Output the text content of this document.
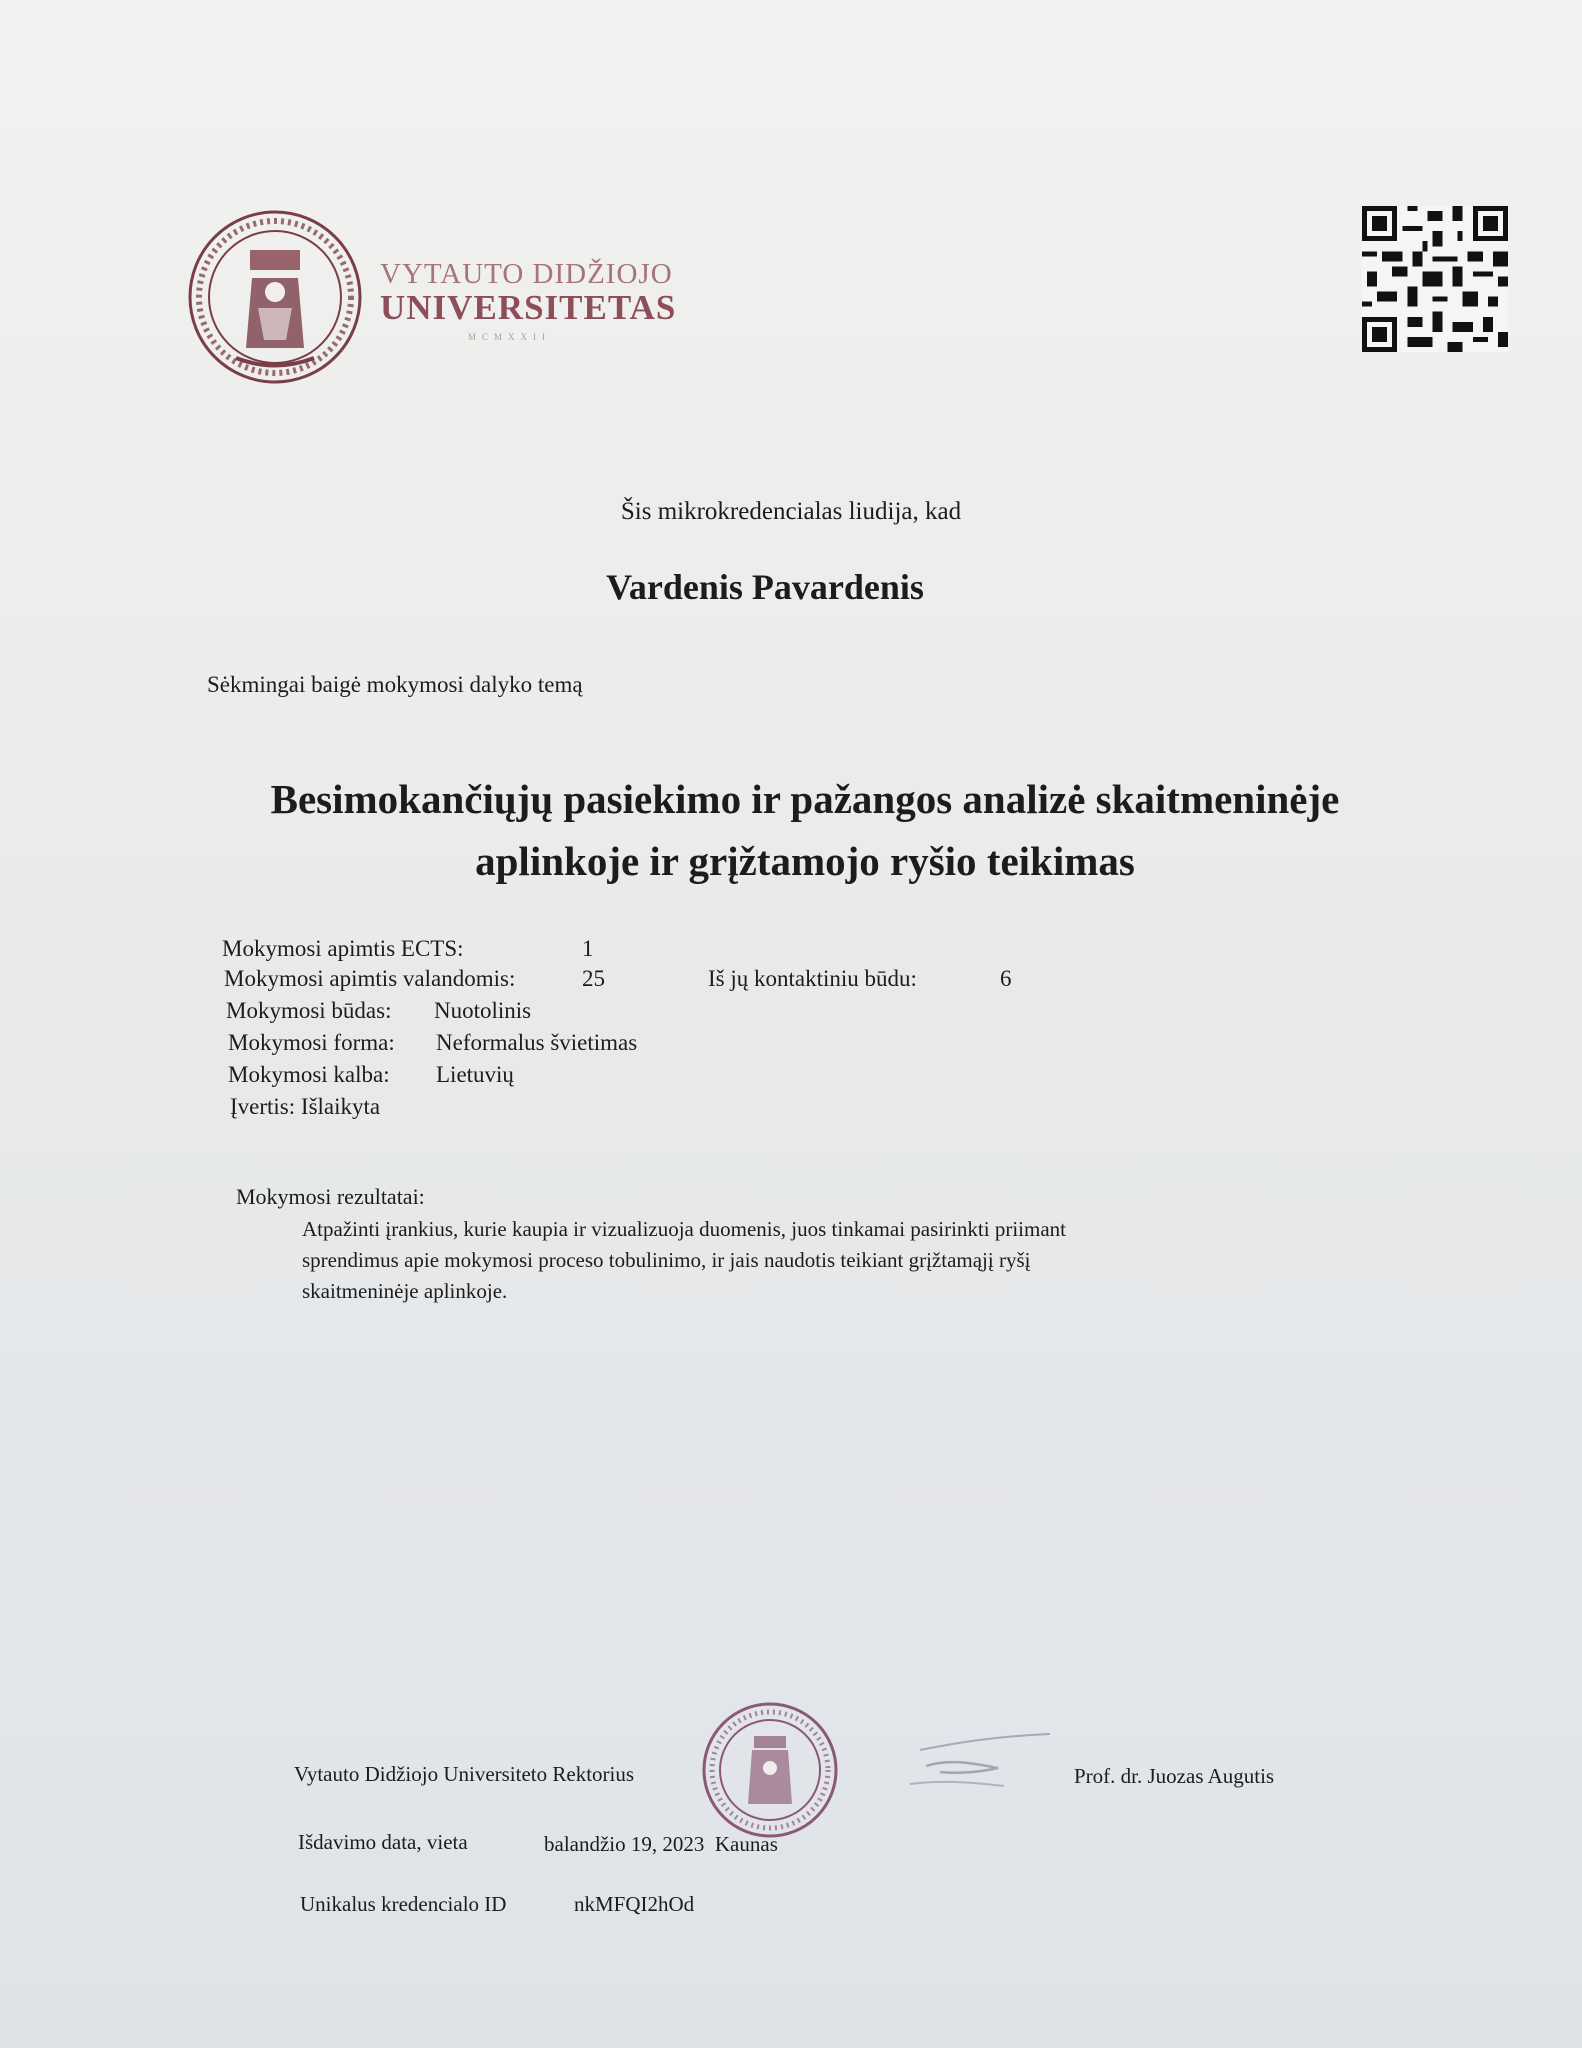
VYTAUTO DIDŽIOJO
UNIVERSITETAS
MCMXXII
Šis mikrokredencialas liudija, kad
Vardenis Pavardenis
Sėkmingai baigė mokymosi dalyko temą
Besimokančiųjų pasiekimo ir pažangos analizė skaitmeninėje
aplinkoje ir grįžtamojo ryšio teikimas
Mokymosi apimtis ECTS:	1
Mokymosi apimtis valandomis:	25	Iš jų kontaktiniu būdu:	6
Mokymosi būdas: Nuotolinis
Mokymosi forma: Neformalus švietimas
Mokymosi kalba: Lietuvių
Įvertis: Išlaikyta
Mokymosi rezultatai:
Atpažinti įrankius, kurie kaupia ir vizualizuoja duomenis, juos tinkamai pasirinkti priimant
sprendimus apie mokymosi proceso tobulinimo, ir jais naudotis teikiant grįžtamąjį ryšį
skaitmeninėje aplinkoje.
Vytauto Didžiojo Universiteto Rektorius	Prof. dr. Juozas Augutis
Išdavimo data, vieta	balandžio 19, 2023  Kaunas
Unikalus kredencialo ID	nkMFQI2hOd
